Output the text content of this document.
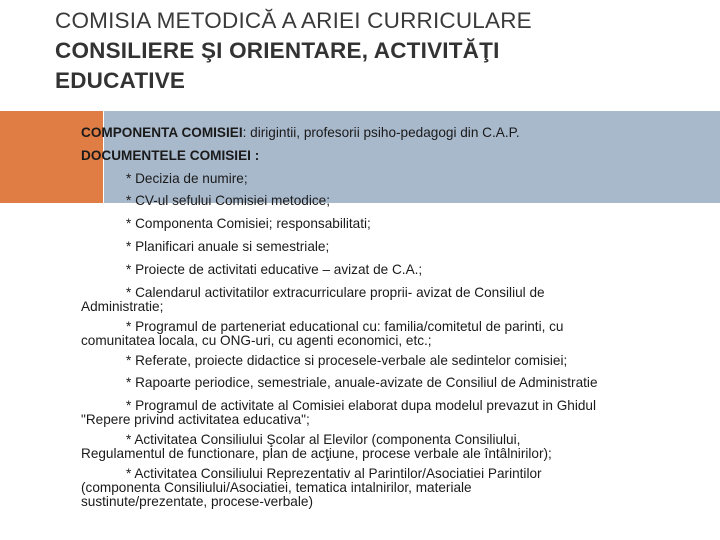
COMISIA METODICĂ A ARIEI CURRICULARE
CONSILIERE ŞI ORIENTARE, ACTIVITĂŢI
EDUCATIVE
COMPONENTA COMISIEI: dirigintii, profesorii psiho-pedagogi din C.A.P.
DOCUMENTELE COMISIEI :
* Decizia de numire;
* CV-ul sefului Comisiei metodice;
* Componenta Comisiei; responsabilitati;
* Planificari anuale si semestriale;
* Proiecte de activitati educative – avizat de C.A.;
* Calendarul activitatilor extracurriculare proprii- avizat de Consiliul de
Administratie;
* Programul de parteneriat educational cu: familia/comitetul de parinti, cu
comunitatea locala, cu ONG-uri, cu agenti economici, etc.;
* Referate, proiecte didactice si procesele-verbale ale sedintelor comisiei;
* Rapoarte periodice, semestriale, anuale-avizate de Consiliul de Administratie
* Programul de activitate al Comisiei elaborat dupa modelul prevazut in Ghidul
"Repere privind activitatea educativa";
* Activitatea Consiliului Şcolar al Elevilor (componenta Consiliului,
Regulamentul de functionare, plan de acţiune, procese verbale ale întâlnirilor);
* Activitatea Consiliului Reprezentativ al Parintilor/Asociatiei Parintilor
(componenta Consiliului/Asociatiei, tematica intalnirilor, materiale
sustinute/prezentate, procese-verbale)
